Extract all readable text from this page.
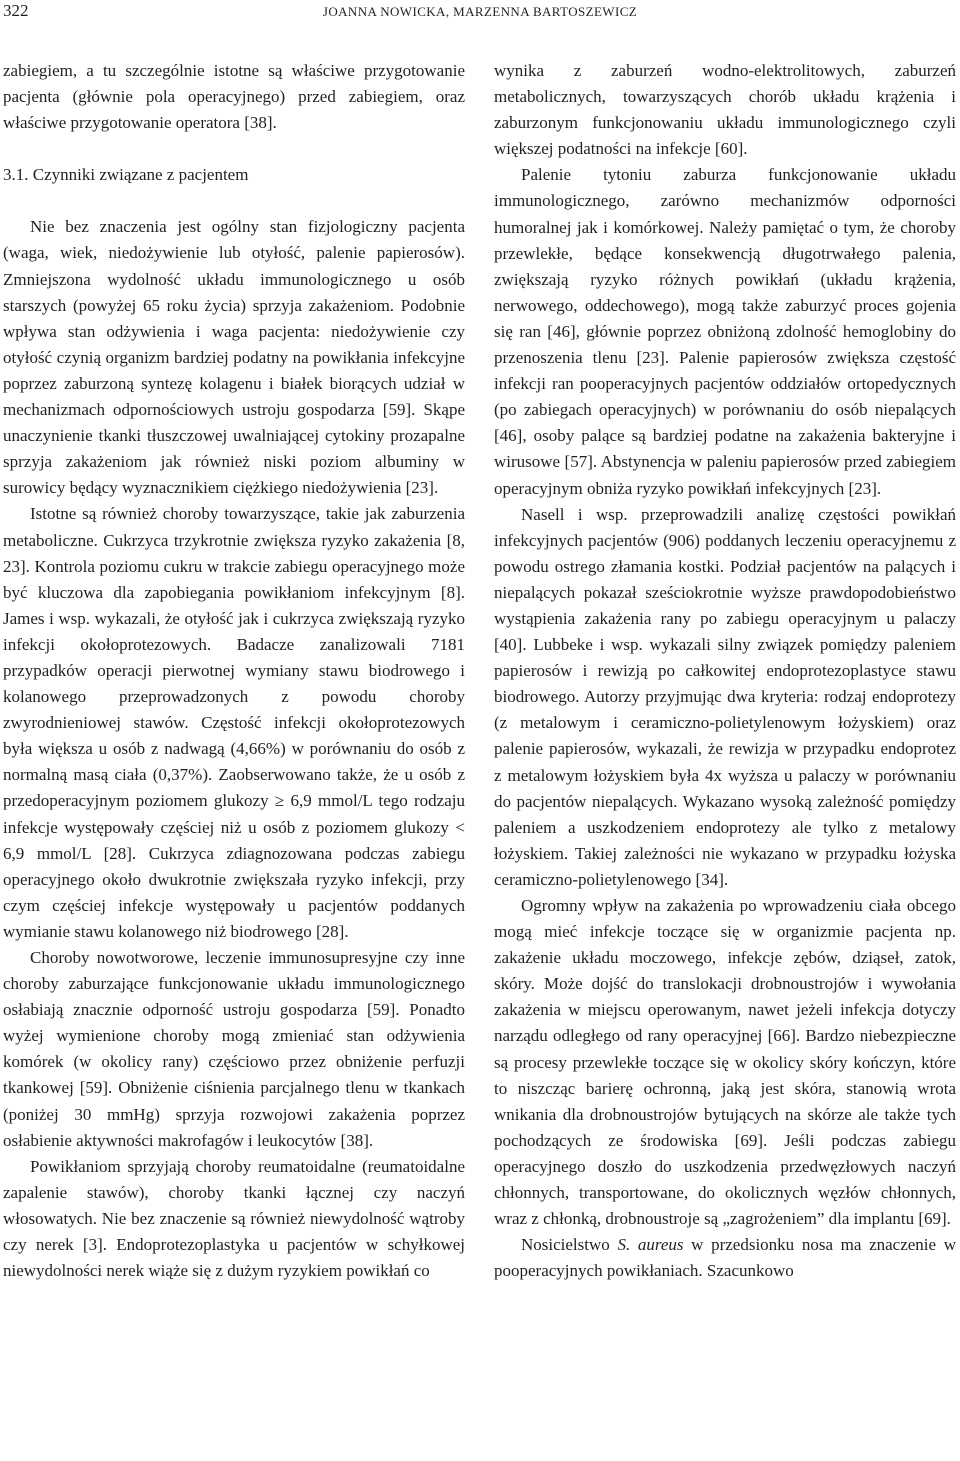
322	JOANNA NOWICKA, MARZENNA BARTOSZEWICZ

zabiegiem, a tu szczególnie istotne są właściwe przygotowanie pacjenta (głównie pola operacyjnego) przed zabiegiem, oraz właściwe przygotowanie operatora [38].

3.1. Czynniki związane z pacjentem

Nie bez znaczenia jest ogólny stan fizjologiczny pacjenta (waga, wiek, niedożywienie lub otyłość, palenie papierosów). Zmniejszona wydolność układu immunologicznego u osób starszych (powyżej 65 roku życia) sprzyja zakażeniom. Podobnie wpływa stan odżywienia i waga pacjenta: niedożywienie czy otyłość czynią organizm bardziej podatny na powikłania infekcyjne poprzez zaburzoną syntezę kolagenu i białek biorących udział w mechanizmach odpornościowych ustroju gospodarza [59]. Skąpe unaczynienie tkanki tłuszczowej uwalniającej cytokiny prozapalne sprzyja zakażeniom jak również niski poziom albuminy w surowicy będący wyznacznikiem ciężkiego niedożywienia [23].

Istotne są również choroby towarzyszące, takie jak zaburzenia metaboliczne. Cukrzyca trzykrotnie zwiększa ryzyko zakażenia [8, 23]. Kontrola poziomu cukru w trakcie zabiegu operacyjnego może być kluczowa dla zapobiegania powikłaniom infekcyjnym [8]. James i wsp. wykazali, że otyłość jak i cukrzyca zwiększają ryzyko infekcji okołoprotezowych. Badacze zanalizowali 7181 przypadków operacji pierwotnej wymiany stawu biodrowego i kolanowego przeprowadzonych z powodu choroby zwyrodnieniowej stawów. Częstość infekcji okołoprotezowych była większa u osób z nadwagą (4,66%) w porównaniu do osób z normalną masą ciała (0,37%). Zaobserwowano także, że u osób z przedoperacyjnym poziomem glukozy ≥ 6,9 mmol/L tego rodzaju infekcje występowały częściej niż u osób z poziomem glukozy < 6,9 mmol/L [28]. Cukrzyca zdiagnozowana podczas zabiegu operacyjnego około dwukrotnie zwiększała ryzyko infekcji, przy czym częściej infekcje występowały u pacjentów poddanych wymianie stawu kolanowego niż biodrowego [28].

Choroby nowotworowe, leczenie immunosupresyjne czy inne choroby zaburzające funkcjonowanie układu immunologicznego osłabiają znacznie odporność ustroju gospodarza [59]. Ponadto wyżej wymienione choroby mogą zmieniać stan odżywienia komórek (w okolicy rany) częściowo przez obniżenie perfuzji tkankowej [59]. Obniżenie ciśnienia parcjalnego tlenu w tkankach (poniżej 30 mmHg) sprzyja rozwojowi zakażenia poprzez osłabienie aktywności makrofagów i leukocytów [38].

Powikłaniom sprzyjają choroby reumatoidalne (reumatoidalne zapalenie stawów), choroby tkanki łącznej czy naczyń włosowatych. Nie bez znaczenie są również niewydolność wątroby czy nerek [3]. Endoprotezoplastyka u pacjentów w schyłkowej niewydolności nerek wiąże się z dużym ryzykiem powikłań co

wynika z zaburzeń wodno-elektrolitowych, zaburzeń metabolicznych, towarzyszących chorób układu krążenia i zaburzonym funkcjonowaniu układu immunologicznego czyli większej podatności na infekcje [60].

Palenie tytoniu zaburza funkcjonowanie układu immunologicznego, zarówno mechanizmów odporności humoralnej jak i komórkowej. Należy pamiętać o tym, że choroby przewlekłe, będące konsekwencją długotrwałego palenia, zwiększają ryzyko różnych powikłań (układu krążenia, nerwowego, oddechowego), mogą także zaburzyć proces gojenia się ran [46], głównie poprzez obniżoną zdolność hemoglobiny do przenoszenia tlenu [23]. Palenie papierosów zwiększa częstość infekcji ran pooperacyjnych pacjentów oddziałów ortopedycznych (po zabiegach operacyjnych) w porównaniu do osób niepalących [46], osoby palące są bardziej podatne na zakażenia bakteryjne i wirusowe [57]. Abstynencja w paleniu papierosów przed zabiegiem operacyjnym obniża ryzyko powikłań infekcyjnych [23].

Nasell i wsp. przeprowadzili analizę częstości powikłań infekcyjnych pacjentów (906) poddanych leczeniu operacyjnemu z powodu ostrego złamania kostki. Podział pacjentów na palących i niepalących pokazał sześciokrotnie wyższe prawdopodobieństwo wystąpienia zakażenia rany po zabiegu operacyjnym u palaczy [40]. Lubbeke i wsp. wykazali silny związek pomiędzy paleniem papierosów i rewizją po całkowitej endoprotezoplastyce stawu biodrowego. Autorzy przyjmując dwa kryteria: rodzaj endoprotezy (z metalowym i ceramiczno-polietylenowym łożyskiem) oraz palenie papierosów, wykazali, że rewizja w przypadku endoprotez z metalowym łożyskiem była 4x wyższa u palaczy w porównaniu do pacjentów niepalących. Wykazano wysoką zależność pomiędzy paleniem a uszkodzeniem endoprotezy ale tylko z metalowy łożyskiem. Takiej zależności nie wykazano w przypadku łożyska ceramiczno-polietylenowego [34].

Ogromny wpływ na zakażenia po wprowadzeniu ciała obcego mogą mieć infekcje toczące się w organizmie pacjenta np. zakażenie układu moczowego, infekcje zębów, dziąseł, zatok, skóry. Może dojść do translokacji drobnoustrojów i wywołania zakażenia w miejscu operowanym, nawet jeżeli infekcja dotyczy narządu odległego od rany operacyjnej [66]. Bardzo niebezpieczne są procesy przewlekłe toczące się w okolicy skóry kończyn, które to niszcząc barierę ochronną, jaką jest skóra, stanowią wrota wnikania dla drobnoustrojów bytujących na skórze ale także tych pochodzących ze środowiska [69]. Jeśli podczas zabiegu operacyjnego doszło do uszkodzenia przedwęzłowych naczyń chłonnych, transportowane, do okolicznych węzłów chłonnych, wraz z chłonką, drobnoustroje są „zagrożeniem” dla implantu [69].

Nosicielstwo S. aureus w przedsionku nosa ma znaczenie w pooperacyjnych powikłaniach. Szacunkowo
